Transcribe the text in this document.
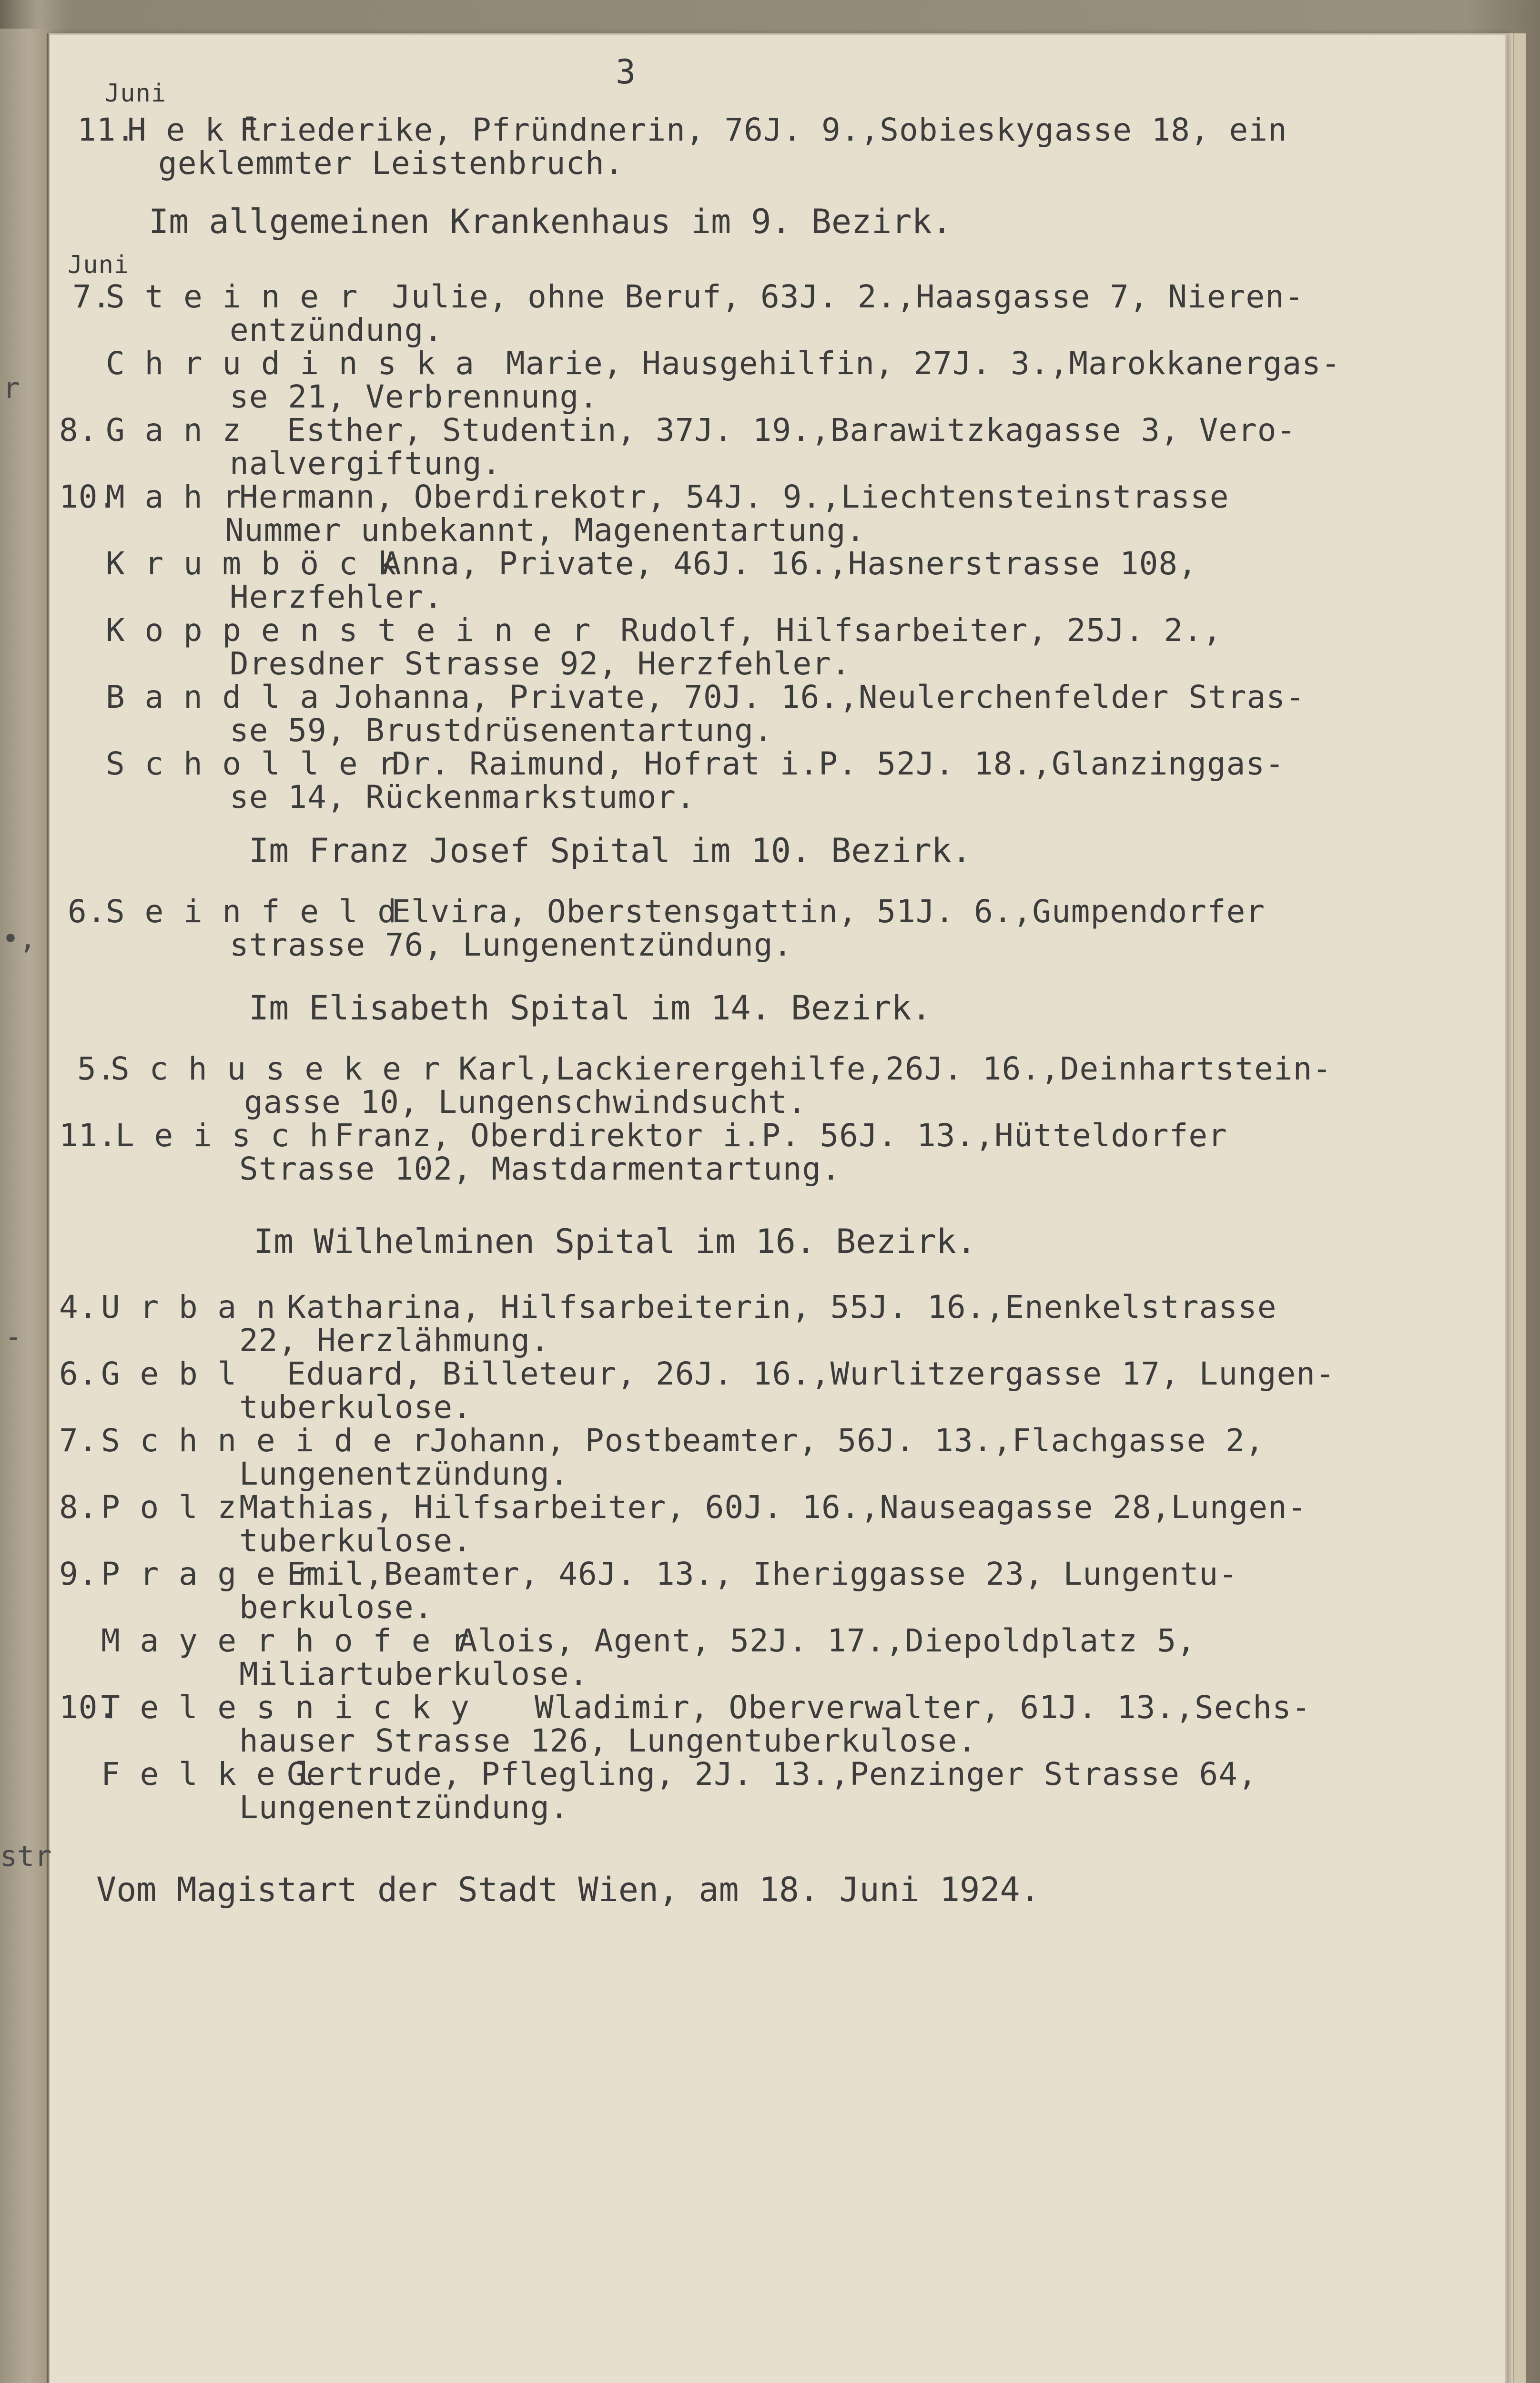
3
Juni
11.
H e k l
Friederike, Pfründnerin, 76J. 9.,Sobieskygasse 18, ein
geklemmter Leistenbruch.
Im allgemeinen Krankenhaus im 9. Bezirk.
Juni
7.
S t e i n e r Julie, ohne Beruf, 63J. 2.,Haasgasse 7, Nieren-
entzündung.
C h r u d i n s k a Marie, Hausgehilfin, 27J. 3.,Marokkanergas-
se 21, Verbrennung.
8. G a n z Esther, Studentin, 37J. 19.,Barawitzkagasse 3, Vero-
nalvergiftung.
10.
M a h r
Hermann, Oberdirekotr, 54J. 9.,Liechtensteinstrasse
Nummer unbekannt, Magenentartung.
K r u m b ö c k
Anna, Private, 46J. 16.,Hasnerstrasse 108,
Herzfehler.
K o p p e n s t e i n e r Rudolf, Hilfsarbeiter, 25J. 2.,
Dresdner Strasse 92, Herzfehler.
B a n d l a Johanna, Private, 70J. 16.,Neulerchenfelder Stras-
se 59, Brustdrüsenentartung.
S c h o l l e r
Dr. Raimund, Hofrat i.P. 52J. 18.,Glanzinggas-
se 14, Rückenmarkstumor.
Im Franz Josef Spital im 10. Bezirk.
6.
S e i n f e l d
Elvira, Oberstensgattin, 51J. 6.,Gumpendorfer
strasse 76, Lungenentzündung.
Im Elisabeth Spital im 14. Bezirk.
5.
S c h u s e k e r Karl,Lackierergehilfe,26J. 16.,Deinhartstein-
gasse 10, Lungenschwindsucht.
11.
L e i s c h Franz, Oberdirektor i.P. 56J. 13.,Hütteldorfer
Strasse 102, Mastdarmentartung.
Im Wilhelminen Spital im 16. Bezirk.
4. U r b a n Katharina, Hilfsarbeiterin, 55J. 16.,Enenkelstrasse
22, Herzlähmung.
6. G e b l Eduard, Billeteur, 26J. 16.,Wurlitzergasse 17, Lungen-
tuberkulose.
7. S c h n e i d e r
Johann, Postbeamter, 56J. 13.,Flachgasse 2,
Lungenentzündung.
8. P o l z Mathias, Hilfsarbeiter, 60J. 16.,Nauseagasse 28,Lungen-
tuberkulose.
9. P r a g e r
Emil,Beamter, 46J. 13., Iheriggasse 23, Lungentu-
berkulose.
M a y e r h o f e r
Alois, Agent, 52J. 17.,Diepoldplatz 5,
Miliartuberkulose.
10.
T e l e s n i c k y Wladimir, Oberverwalter, 61J. 13.,Sechs-
hauser Strasse 126, Lungentuberkulose.
F e l k e l
Gertrude, Pflegling, 2J. 13.,Penzinger Strasse 64,
Lungenentzündung.
Vom Magistart der Stadt Wien, am 18. Juni 1924.
r
•,
-
str
